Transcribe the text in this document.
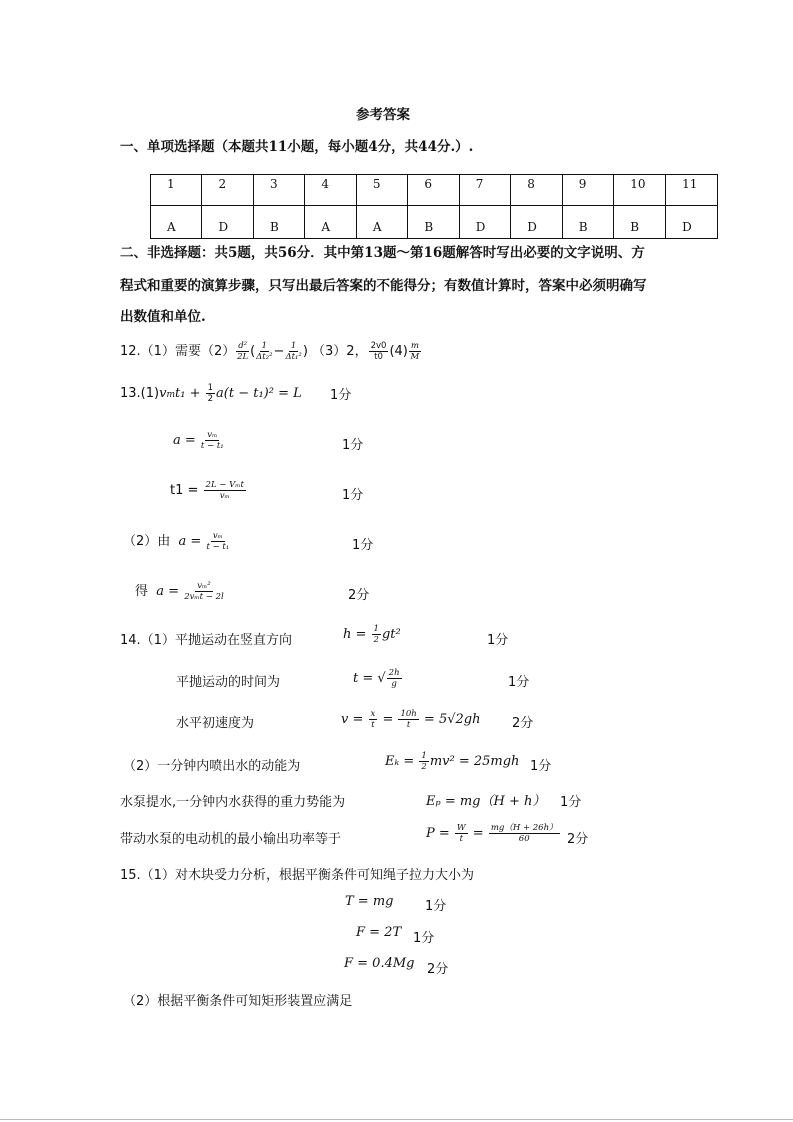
参考答案
一、单项选择题（本题共11小题，每小题4分，共44分.）.
1	2	3	4	5	6	7	8	9	10	11
A	D	B	A	A	B	D	D	B	B	D
二、非选择题：共5题，共56分．其中第13题～第16题解答时写出必要的文字说明、方
程式和重要的演算步骤，只写出最后答案的不能得分；有数值计算时，答案中必须明确写
出数值和单位.
12.（1）需要$(2) \frac{\text{d²}}{2L}$ ( $\frac{1}{\text{Δt₂²}} - \frac{1}{\text{Δt₁²}}$ ) （3）2， $\frac{2v0}{t0} (4) \frac{m}{M}$
$13.(1)vmt_1 + \frac{1}{2} a(t - t_1)^2 = L$ 1分
$a = \frac{\text{vₘ}}{\text{t − t₁}}$	1分
t1 = 2L − Vₘt
vₘ	1分
（2）由 $a = \frac{\text{vₘ}}{\text{t − t₁}}$	1分
得 a = vₘ²
2vₘt − 2l	2分
14.（1）平抛运动在竖直方向	$h = \frac{1}{2} gt^2$	1分
平抛运动的时间为	t = √ $\frac{2h}{g}$	1分
水平初速度为	$v = \frac{x}{t} = \frac{10h}{t} = 5√2gh$ 2分
（2）一分钟内喷出水的动能为	$E_k = \frac{1}{2} mv^2 = 25mgh$ 1分
水泵提水,一分钟内水获得的重力势能为	Eₚ = mg（H + h） 1分
带动水泵的电动机的最小输出功率等于	$P = \frac{W}{t} = \frac{mg(H + 26h)}{60} 2$分
15.（1）对木块受力分析，根据平衡条件可知绳子拉力大小为
T = mg 1分
F = 2T 1分
F = 0.4Mg 2分
（2）根据平衡条件可知矩形装置应满足
